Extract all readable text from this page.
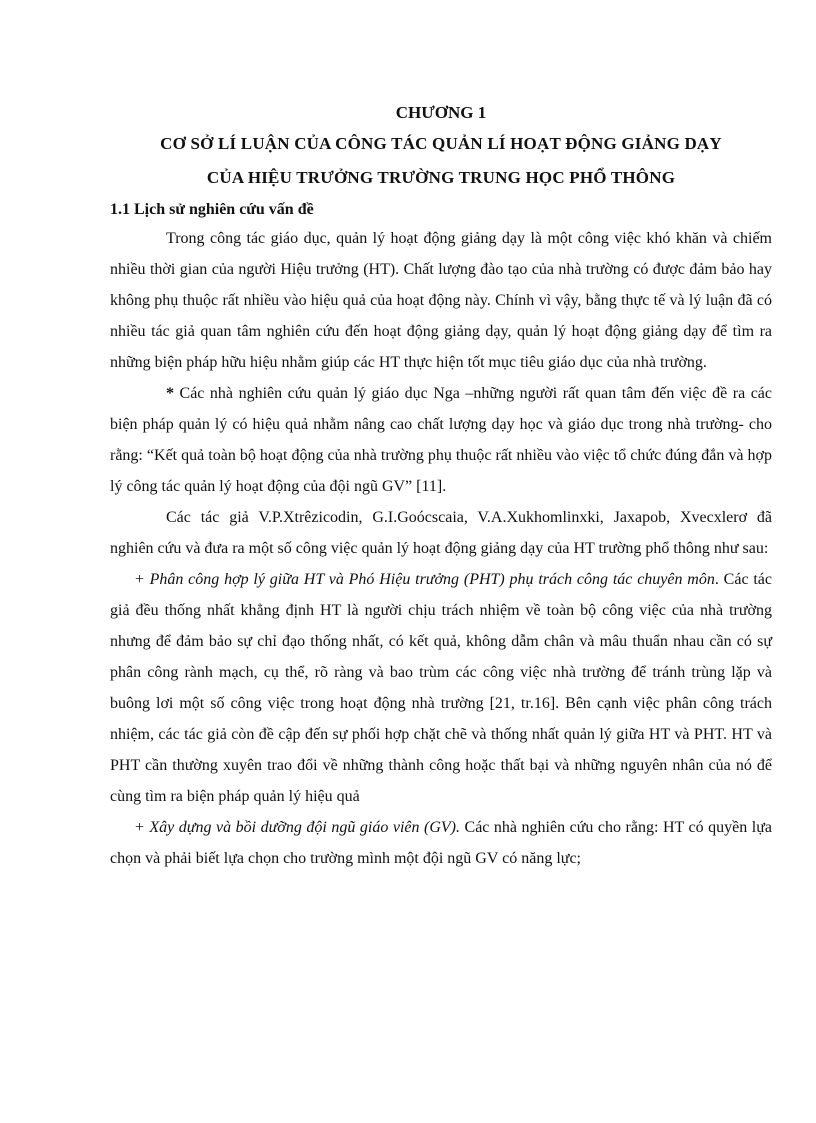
CHƯƠNG 1
CƠ SỞ LÍ LUẬN CỦA CÔNG TÁC QUẢN LÍ HOẠT ĐỘNG GIẢNG DẠY
CỦA HIỆU TRƯỞNG TRƯỜNG TRUNG HỌC PHỔ THÔNG
1.1 Lịch sử nghiên cứu vấn đề

Trong công tác giáo dục, quản lý hoạt động giảng dạy là một công việc khó khăn và chiếm nhiều thời gian của người Hiệu trưởng (HT). Chất lượng đào tạo của nhà trường có được đảm bảo hay không phụ thuộc rất nhiều vào hiệu quả của hoạt động này. Chính vì vậy, bằng thực tế và lý luận đã có nhiều tác giả quan tâm nghiên cứu đến hoạt động giảng dạy, quản lý hoạt động giảng dạy để tìm ra những biện pháp hữu hiệu nhằm giúp các HT thực hiện tốt mục tiêu giáo dục của nhà trường.

* Các nhà nghiên cứu quản lý giáo dục Nga –những người rất quan tâm đến việc đề ra các biện pháp quản lý có hiệu quả nhằm nâng cao chất lượng dạy học và giáo dục trong nhà trường- cho rằng: “Kết quả toàn bộ hoạt động của nhà trường phụ thuộc rất nhiều vào việc tổ chức đúng đắn và hợp lý công tác quản lý hoạt động của đội ngũ GV” [11].

Các tác giả V.P.Xtrêzicodin, G.I.Goócscaia, V.A.Xukhomlinxki, Jaxapob, Xvecxlerơ đã nghiên cứu và đưa ra một số công việc quản lý hoạt động giảng dạy của HT trường phổ thông như sau:

+ Phân công hợp lý giữa HT và Phó Hiệu trưởng (PHT) phụ trách công tác chuyên môn. Các tác giả đều thống nhất khẳng định HT là người chịu trách nhiệm về toàn bộ công việc của nhà trường nhưng để đảm bảo sự chỉ đạo thống nhất, có kết quả, không dẫm chân và mâu thuẩn nhau cần có sự phân công rành mạch, cụ thể, rõ ràng và bao trùm các công việc nhà trường để tránh trùng lặp và buông lơi một số công việc trong hoạt động nhà trường [21, tr.16]. Bên cạnh việc phân công trách nhiệm, các tác giả còn đề cập đến sự phối hợp chặt chẽ và thống nhất quản lý giữa HT và PHT. HT và PHT cần thường xuyên trao đổi về những thành công hoặc thất bại và những nguyên nhân của nó để cùng tìm ra biện pháp quản lý hiệu quả

+ Xây dựng và bồi dưỡng đội ngũ giáo viên (GV). Các nhà nghiên cứu cho rằng: HT có quyền lựa chọn và phải biết lựa chọn cho trường mình một đội ngũ GV có năng lực;
